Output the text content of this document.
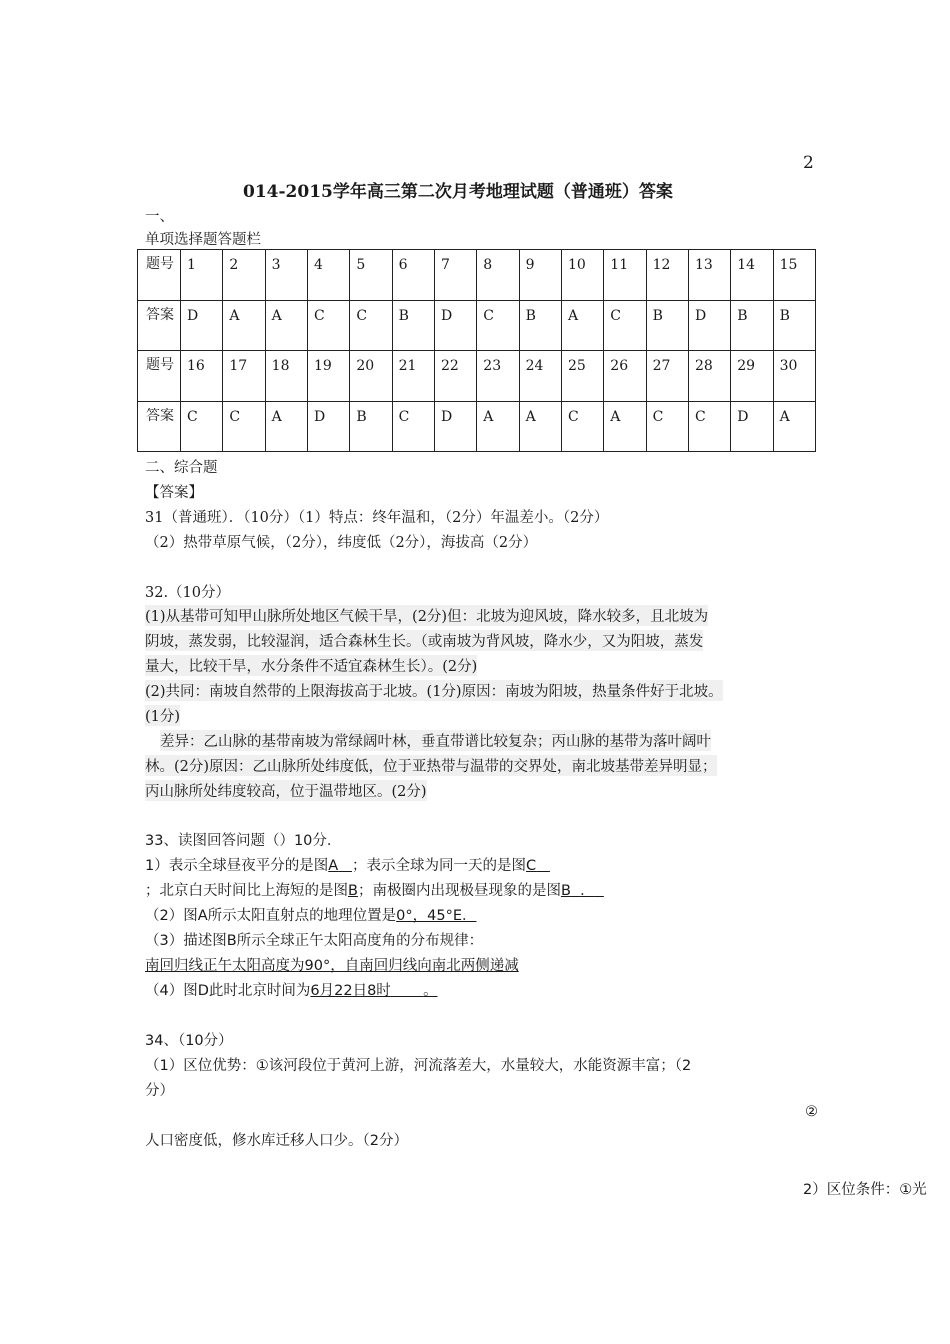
2
014-2015学年高三第二次月考地理试题（普通班）答案
一、
单项选择题答题栏
题号	1	2	3	4	5	6	7	8	9	10	11	12	13	14	15
答案	D	A	A	C	C	B	D	C	B	A	C	B	D	B	B
题号	16	17	18	19	20	21	22	23	24	25	26	27	28	29	30
答案	C	C	A	D	B	C	D	A	A	C	A	C	C	D	A
二、综合题
【答案】
31（普通班）．（10分）（1）特点：终年温和，（2分）年温差小。（2分）
（2）热带草原气候，（2分），纬度低（2分），海拔高（2分）
32.（10分）
(1)从基带可知甲山脉所处地区气候干旱，(2分)但：北坡为迎风坡，降水较多，且北坡为
阴坡，蒸发弱，比较湿润，适合森林生长。（或南坡为背风坡，降水少，又为阳坡，蒸发
量大，比较干旱，水分条件不适宜森林生长）。(2分)
(2)共同：南坡自然带的上限海拔高于北坡。(1分)原因：南坡为阳坡，热量条件好于北坡。
(1分)
差异：乙山脉的基带南坡为常绿阔叶林，垂直带谱比较复杂；丙山脉的基带为落叶阔叶
林。(2分)原因：乙山脉所处纬度低，位于亚热带与温带的交界处，南北坡基带差异明显；
丙山脉所处纬度较高，位于温带地区。(2分)
33、读图回答问题（）10分．
1）表示全球昼夜平分的是图A ；表示全球为同一天的是图C
；北京白天时间比上海短的是图B；南极圈内出现极昼现象的是图B ．
（2）图A所示太阳直射点的地理位置是0°，45°E．
（3）描述图B所示全球正午太阳高度角的分布规律：
南回归线正午太阳高度为90°，自南回归线向南北两侧递减
（4）图D此时北京时间为6月22日8时 。
34、（10分）
（1）区位优势：①该河段位于黄河上游，河流落差大，水量较大，水能资源丰富；（2
分）
②
人口密度低，修水库迁移人口少。（2分）
2）区位条件：①光
